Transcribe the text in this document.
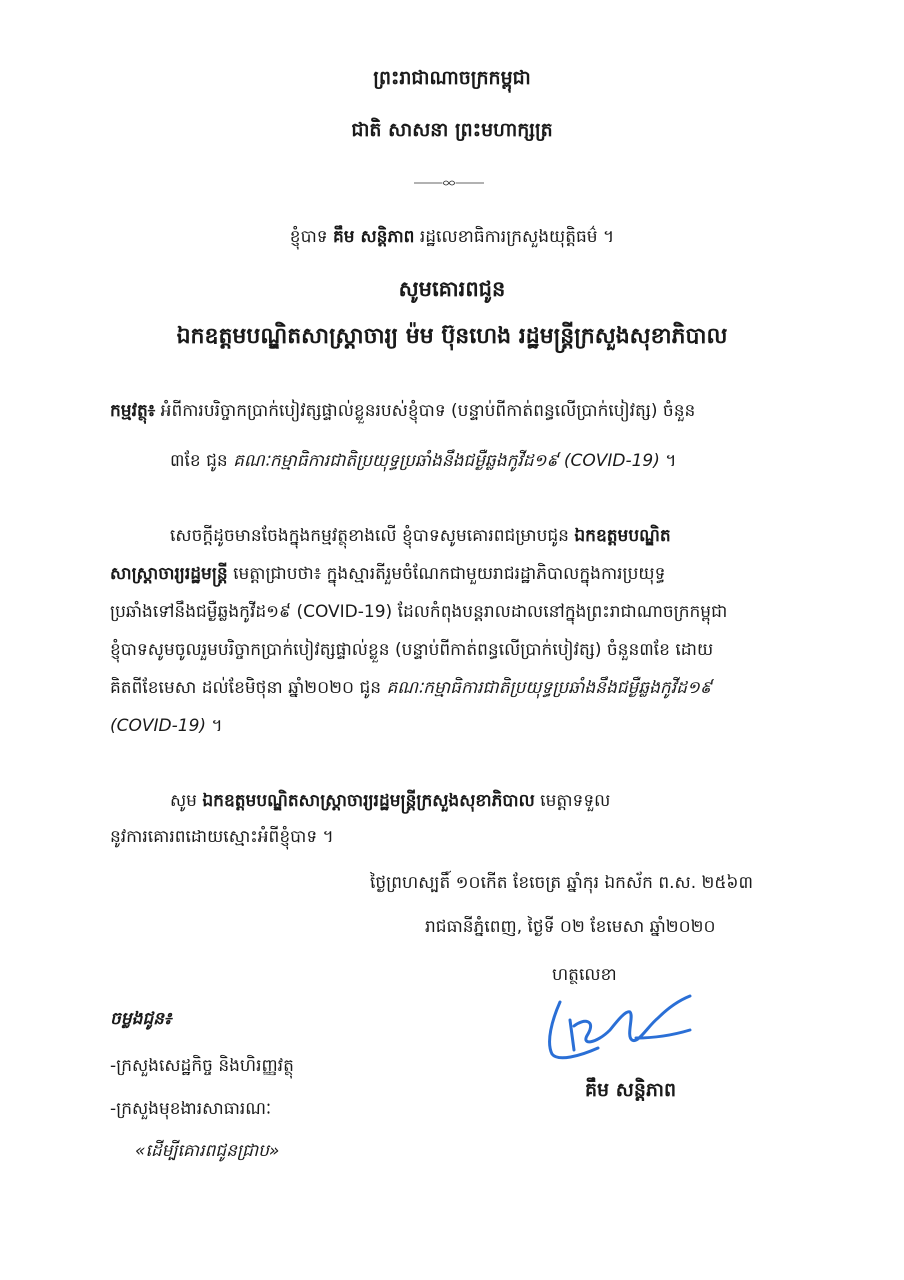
ព្រះរាជាណាចក្រកម្ពុជា
ជាតិ សាសនា ព្រះមហាក្សត្រ
ខ្ញុំបាទ គឹម សន្តិភាព រដ្ឋលេខាធិការក្រសួងយុត្តិធម៌ ។
សូមគោរពជូន
ឯកឧត្តមបណ្ឌិតសាស្ត្រាចារ្យ ម៉ម ប៊ុនហេង រដ្ឋមន្ត្រីក្រសួងសុខាភិបាល
កម្មវត្ថុ៖ អំពីការបរិច្ចាកប្រាក់បៀវត្សផ្ទាល់ខ្លួនរបស់ខ្ញុំបាទ (បន្ទាប់ពីកាត់ពន្ធលើប្រាក់បៀវត្ស) ចំនួន
៣ខែ ជូន គណៈកម្មាធិការជាតិប្រយុទ្ធប្រឆាំងនឹងជម្ងឺឆ្លងកូវីដ១៩ (COVID-19) ។
សេចក្តីដូចមានចែងក្នុងកម្មវត្ថុខាងលើ ខ្ញុំបាទសូមគោរពជម្រាបជូន ឯកឧត្តមបណ្ឌិត
សាស្ត្រាចារ្យរដ្ឋមន្ត្រី មេត្តាជ្រាបថា៖ ក្នុងស្មារតីរួមចំណែកជាមួយរាជរដ្ឋាភិបាលក្នុងការប្រយុទ្ធ
ប្រឆាំងទៅនឹងជម្ងឺឆ្លងកូវីដ១៩ (COVID-19) ដែលកំពុងបន្តរាលដាលនៅក្នុងព្រះរាជាណាចក្រកម្ពុជា
ខ្ញុំបាទសូមចូលរួមបរិច្ចាកប្រាក់បៀវត្សផ្ទាល់ខ្លួន (បន្ទាប់ពីកាត់ពន្ធលើប្រាក់បៀវត្ស) ចំនួន៣ខែ ដោយ
គិតពីខែមេសា ដល់ខែមិថុនា ឆ្នាំ២០២០ ជូន គណៈកម្មាធិការជាតិប្រយុទ្ធប្រឆាំងនឹងជម្ងឺឆ្លងកូវីដ១៩
(COVID-19) ។
សូម ឯកឧត្តមបណ្ឌិតសាស្ត្រាចារ្យរដ្ឋមន្ត្រីក្រសួងសុខាភិបាល មេត្តាទទួល
នូវការគោរពដោយស្មោះអំពីខ្ញុំបាទ ។
ថ្ងៃព្រហស្បតិ៍ ១០កើត ខែចេត្រ ឆ្នាំកុរ ឯកស័ក ព.ស. ២៥៦៣
រាជធានីភ្នំពេញ, ថ្ងៃទី ០២ ខែមេសា ឆ្នាំ២០២០
ហត្ថលេខា
គឹម សន្តិភាព
ចម្លងជូន៖
-ក្រសួងសេដ្ឋកិច្ច និងហិរញ្ញវត្ថុ
-ក្រសួងមុខងារសាធារណៈ
«ដើម្បីគោរពជូនជ្រាប»
